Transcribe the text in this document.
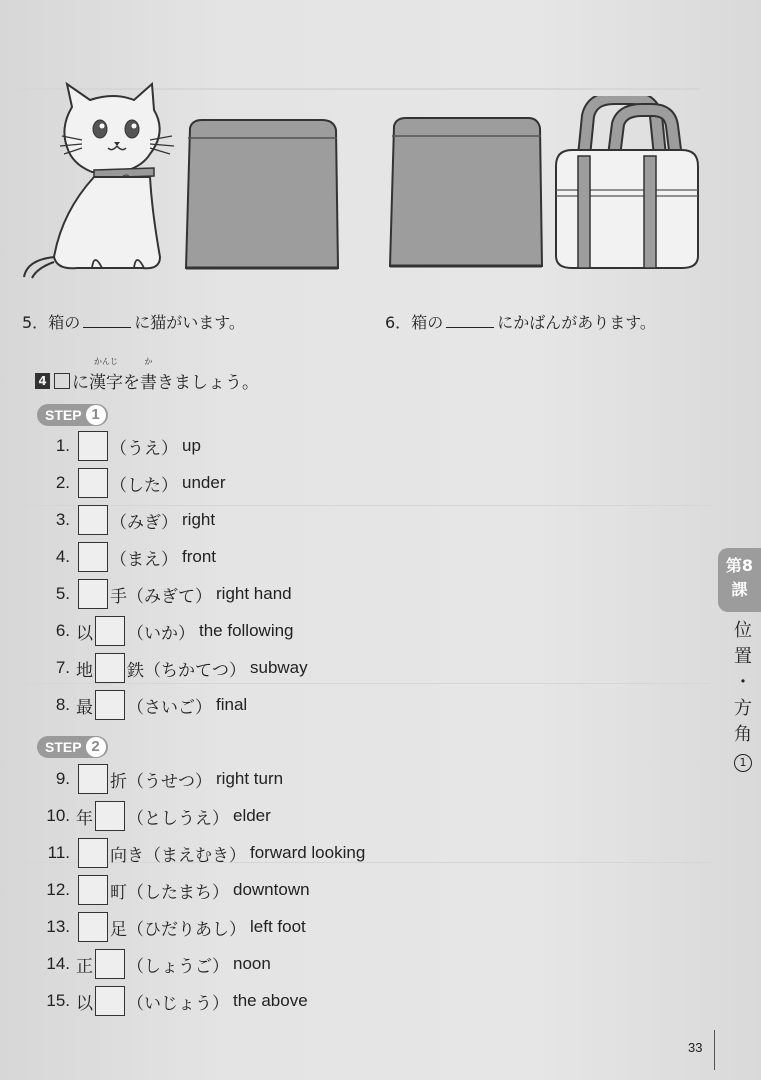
5．箱の	に猫がいます。	6．箱の	にかばんがあります。
4 に
かんじ
漢字 を
か
書 きましょう。
STEP 1
STEP 2
1. （うえ） up
2. （した） under
3. （みぎ） right
4. （まえ） front
5. 手 （みぎて） right hand
6. 以 （いか） the following
7. 地 鉄 （ちかてつ） subway
8. 最 （さいご） final
9. 折 （うせつ） right turn
10. 年 （としうえ） elder
11. 向き （まえむき） forward looking
12. 町 （したまち） downtown
13. 足 （ひだりあし） left foot
14. 正 （しょうご） noon
15. 以 （いじょう） the above
第8
課
位
置
・
方
角
1
33
